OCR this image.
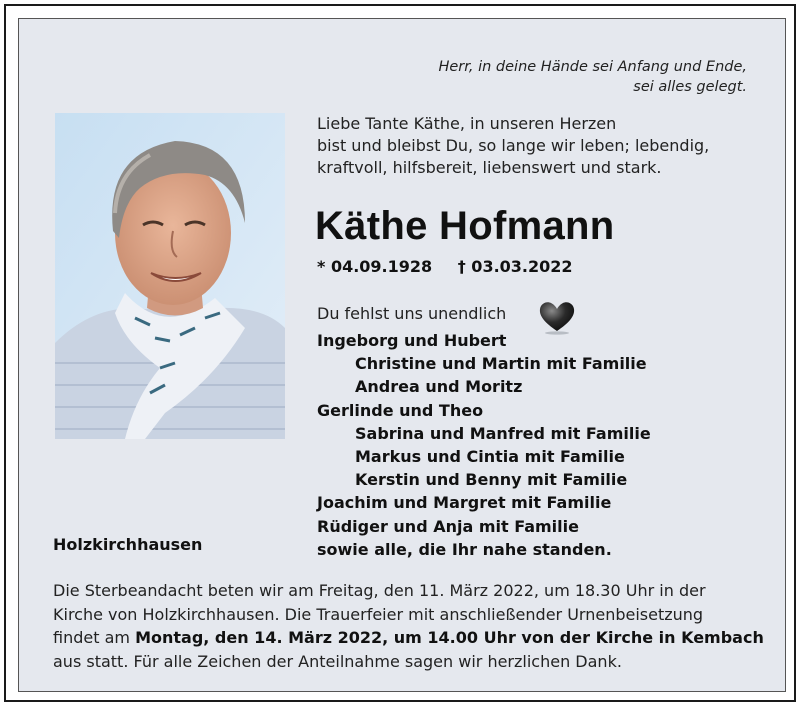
Herr, in deine Hände sei Anfang und Ende,
sei alles gelegt.
Liebe Tante Käthe, in unseren Herzen
bist und bleibst Du, so lange wir leben; lebendig,
kraftvoll, hilfsbereit, liebenswert und stark.
Käthe Hofmann
* 04.09.1928 † 03.03.2022
Du fehlst uns unendlich
Ingeborg und Hubert
Christine und Martin mit Familie
Andrea und Moritz
Gerlinde und Theo
Sabrina und Manfred mit Familie
Markus und Cintia mit Familie
Kerstin und Benny mit Familie
Joachim und Margret mit Familie
Rüdiger und Anja mit Familie
sowie alle, die Ihr nahe standen.
Holzkirchhausen
Die Sterbeandacht beten wir am Freitag, den 11. März 2022, um 18.30 Uhr in der
Kirche von Holzkirchhausen. Die Trauerfeier mit anschließender Urnenbeisetzung
findet am Montag, den 14. März 2022, um 14.00 Uhr von der Kirche in Kembach
aus statt. Für alle Zeichen der Anteilnahme sagen wir herzlichen Dank.
